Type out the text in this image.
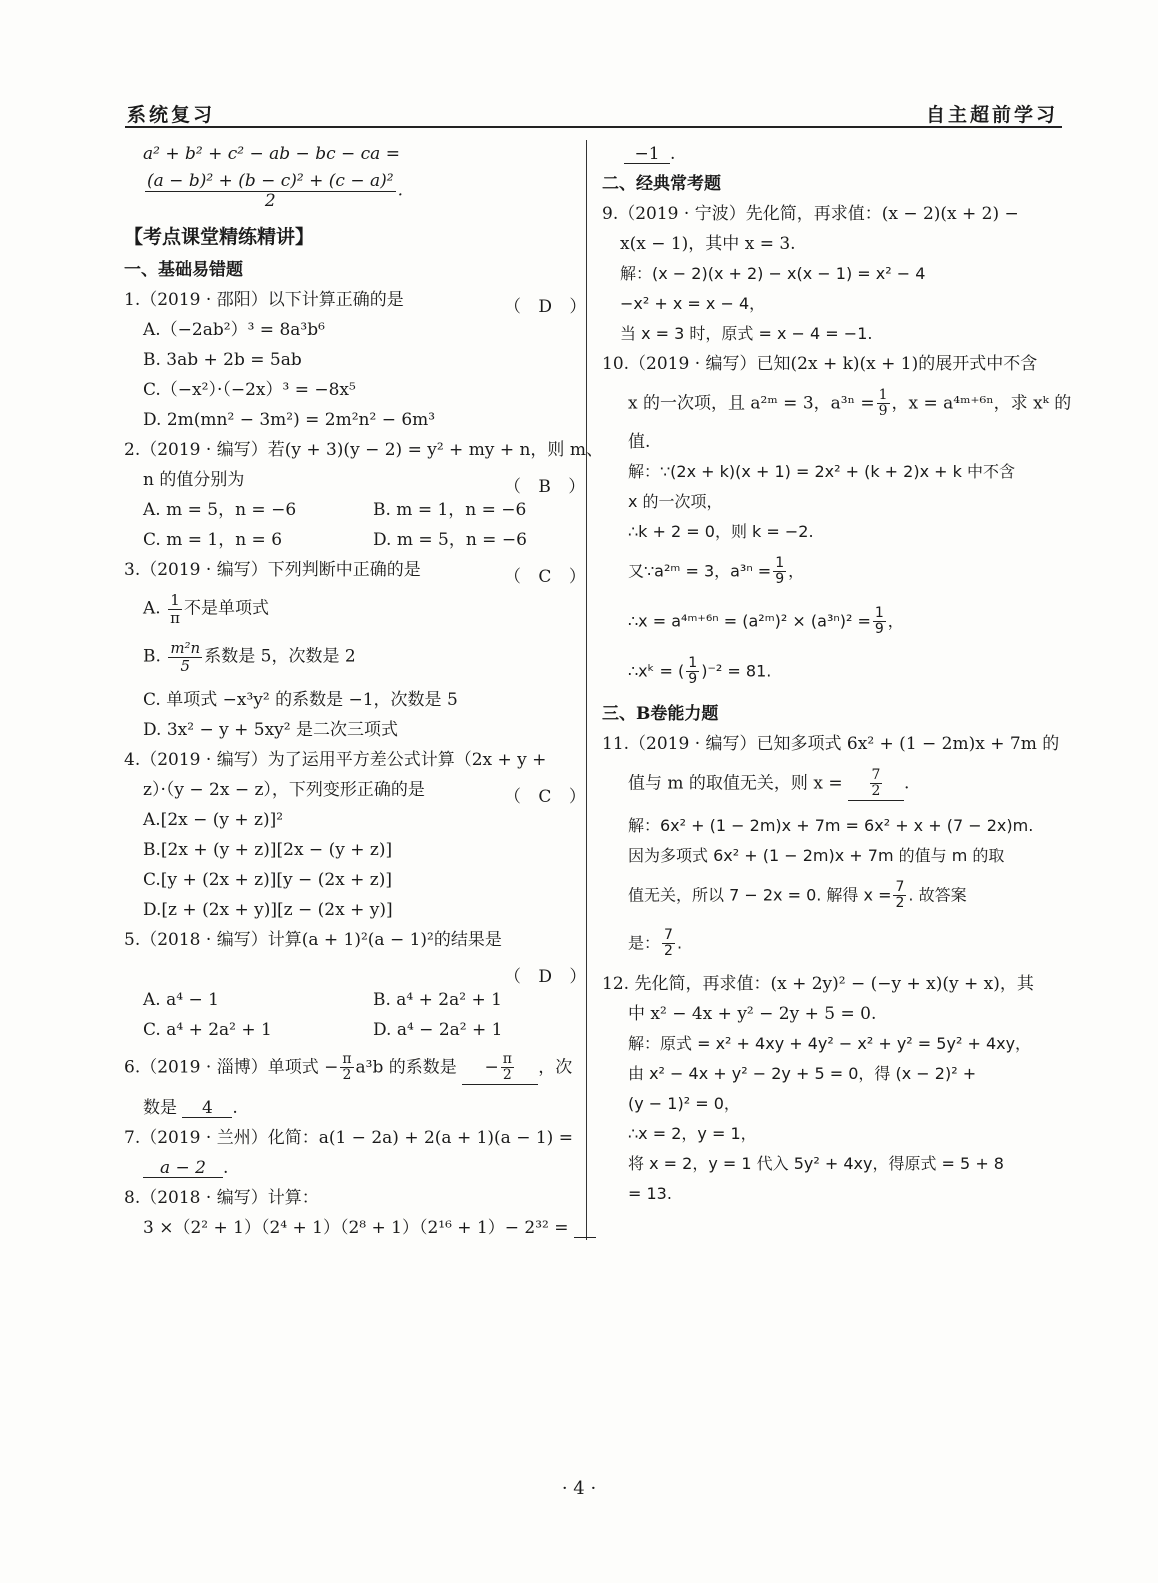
系统复习	自主超前学习
a² + b² + c² − ab − bc − ca =
$\frac{\text{(a − b)² + (b − c)² + (c − a)²}}{2}$ .
【考点课堂精练精讲】
一、基础易错题
1.（2019 · 邵阳）以下计算正确的是	（ D ）
A.（−2ab²）³ = 8a³b⁶
B. 3ab + 2b = 5ab
C.（−x²）·（−2x）³ = −8x⁵
D. 2m(mn² − 3m²) = 2m²n² − 6m³
2.（2019 · 编写）若(y + 3)(y − 2) = y² + my + n，则 m、
n 的值分别为	（ B ）
A. m = 5，n = −6	B. m = 1，n = −6
C. m = 1，n = 6	D. m = 5，n = −6
3.（2019 · 编写）下列判断中正确的是	（ C ）
A. $\frac{1}{\pi}$ 不是单项式
B. $\frac{\text{m²n}}{5}$ 系数是 5，次数是 2
C. 单项式 −x³y² 的系数是 −1，次数是 5
D. 3x² − y + 5xy² 是二次三项式
4.（2019 · 编写）为了运用平方差公式计算（2x + y +
z）·（y − 2x − z），下列变形正确的是	（ C ）
A.[2x − (y + z)]²
B.[2x + (y + z)][2x − (y + z)]
C.[y + (2x + z)][y − (2x + z)]
D.[z + (2x + y)][z − (2x + y)]
5.（2018 · 编写）计算(a + 1)²(a − 1)²的结果是
（ D ）
A. a⁴ − 1	B. a⁴ + 2a² + 1
C. a⁴ + 2a² + 1	D. a⁴ − 2a² + 1
6.（2019 · 淄博）单项式 − $\frac{\pi}{2} a^3b$ 的系数是 − $\frac{\pi}{2}$ ，次
数是 4 .
7.（2019 · 兰州）化简：a(1 − 2a) + 2(a + 1)(a − 1) =
a − 2 .
8.（2018 · 编写）计算：
3 ×（2² + 1）（2⁴ + 1）（2⁸ + 1）（2¹⁶ + 1）− 2³² =
−1 .
二、经典常考题
9.（2019 · 宁波）先化简，再求值：(x − 2)(x + 2) −
x(x − 1)，其中 x = 3.
解：(x − 2)(x + 2) − x(x − 1) = x² − 4
−x² + x = x − 4，
当 x = 3 时，原式 = x − 4 = −1.
10.（2019 · 编写）已知(2x + k)(x + 1)的展开式中不含
x 的一次项，且 a²ᵐ = 3，$a^{3n} = \frac{1}{9}$ ，x = a⁴ᵐ⁺⁶ⁿ，求 xᵏ 的
值.
解：∵(2x + k)(x + 1) = 2x² + (k + 2)x + k 中不含
x 的一次项，
∴k + 2 = 0，则 k = −2.
又∵a²ᵐ = 3，$a^{3n} = \frac{1}{9}$ ，
∴x = a⁴ᵐ⁺⁶ⁿ = (a²ᵐ)² × $(a^{3n})^2 = \frac{1}{9}$ ，
∴xᵏ = ( $\frac{1}{9} )^{-2} = 81$.
三、B卷能力题
11.（2019 · 编写）已知多项式 6x² + (1 − 2m)x + 7m 的
值与 m 的取值无关，则 $x = \frac{7}{2}$ .
解：6x² + (1 − 2m)x + 7m = 6x² + x + (7 − 2x)m.
因为多项式 6x² + (1 − 2m)x + 7m 的值与 m 的取
值无关，所以 7 − 2x = 0. 解得 $x = \frac{7}{2}$ . 故答案
是： $\frac{7}{2}$ .
12. 先化简，再求值：(x + 2y)² − (−y + x)(y + x)，其
中 x² − 4x + y² − 2y + 5 = 0.
解：原式 = x² + 4xy + 4y² − x² + y² = 5y² + 4xy，
由 x² − 4x + y² − 2y + 5 = 0，得 (x − 2)² +
(y − 1)² = 0，
∴x = 2，y = 1，
将 x = 2，y = 1 代入 5y² + 4xy，得原式 = 5 + 8
= 13.
· 4 ·
